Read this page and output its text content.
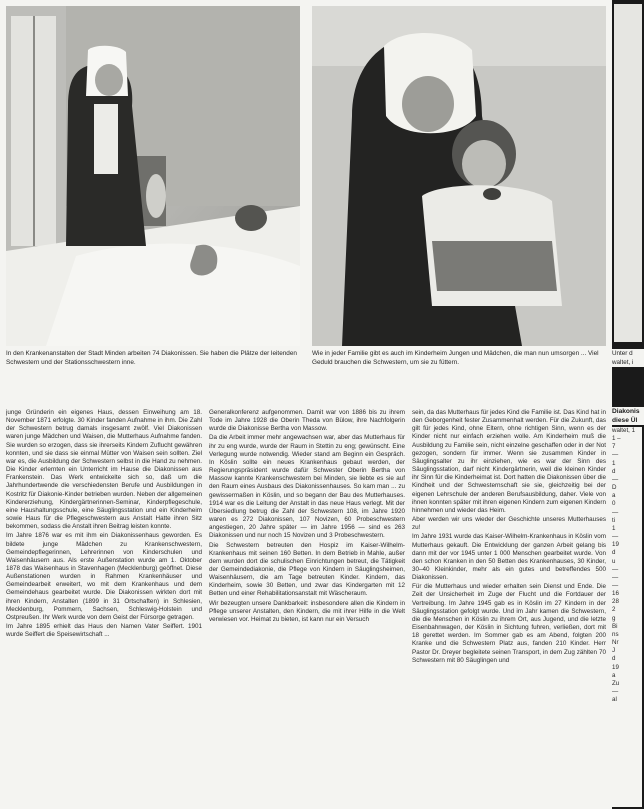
In den Krankenanstalten der Stadt Minden arbeiten 74 Diakonissen. Sie haben die Plätze der leitenden Schwestern und der Stationsschwestern inne.
Wie in jeder Familie gibt es auch im Kinderheim Jungen und Mädchen, die man nun umsorgen ... Viel Geduld brauchen die Schwestern, um sie zu füttern.
Unter d
waltet, i

junge Gründerin ein eigenes Haus, dessen Einweihung am 18. November 1871 erfolgte. 30 Kinder fanden Aufnahme in ihm. Die Zahl der Schwestern betrug damals insgesamt zwölf. Viel Diakonissen waren junge Mädchen und Waisen, die Mutterhaus Aufnahme fanden. Sie wurden so erzogen, dass sie ihrerseits Kindern Zuflucht gewähren konnten, und sie dass sie einmal Mütter von Waisen sein sollten. Ziel war es, die Ausbildung der Schwestern selbst in die Hand zu nehmen. Die Kinder erlernten ein Unterricht im Hause die Diakonissen aus Frankenstein. Das Werk entwickelte sich so, daß um die Jahrhundertwende die verschiedensten Berufe und Ausbildungen in Kostritz für Diakonie-Kinder betrieben wurden. Neben der allgemeinen Kindererziehung, Kindergärtnerinnen-Seminar, Kinderpflegeschule, eine Haushaltungsschule, eine Säuglingsstation und ein Kinderheim sowie Haus für die Pflegeschwestern aus Anstalt Hatte ihren Sitz bekommen, sodass die Anstalt ihren Beitrag leisten konnte.

Im Jahre 1876 war es mit ihm ein Diakonissenhaus geworden. Es bildete junge Mädchen zu Krankenschwestern, Gemeindepflegerinnen, Lehrerinnen von Kinderschulen und Waisenhäusern aus. Als erste Außenstation wurde am 1. Oktober 1878 das Waisenhaus in Stavenhagen (Mecklenburg) geöffnet. Diese Außenstationen wurden in Rahmen Krankenhäuser und Gemeindearbeit erweitert, wo mit dem Krankenhaus und dem Gemeindehaus gearbeitet wurde. Die Diakonissen wirkten dort mit ihren Kindern, Anstalten (1899 in 31 Ortschaften) in Schlesien, Mecklenburg, Pommern, Sachsen, Schleswig-Holstein und Ostpreußen. Ihr Werk wurde von dem Geist der Fürsorge getragen.

Im Jahre 1895 erhielt das Haus den Namen Vater Seiffert. 1901 wurde Seiffert die Speisewirtschaft ...

Generalkonferenz aufgenommen. Damit war von 1886 bis zu ihrem Tode im Jahre 1928 die Oberin Theda von Bülow, ihre Nachfolgerin wurde die Diakonisse Bertha von Massow.

Da die Arbeit immer mehr angewachsen war, aber das Mutterhaus für ihr zu eng wurde, wurde der Raum in Stettin zu eng; gewünscht. Eine Verlegung wurde notwendig. Wieder stand am Beginn ein Gespräch. In Köslin sollte ein neues Krankenhaus gebaut werden, der Regierungspräsident wurde dafür Schwester Oberin Bertha von Massow kannte Krankenschwestern bei Minden, sie liebte es sie auf den Raum eines Ausbaus des Diakonissenhauses. So kam man ... zu gewissermaßen in Köslin, und so begann der Bau des Mutterhauses. 1914 war es die Leitung der Anstalt in das neue Haus verlegt. Mit der Übersiedlung betrug die Zahl der Schwestern 108, im Jahre 1920 waren es 272 Diakonissen, 107 Novizen, 60 Probeschwestern angestiegen, 20 Jahre später — im Jahre 1956 — sind es 263 Diakonissen und nur noch 15 Novizen und 3 Probeschwestern.

Die Schwestern betreuten den Hospiz im Kaiser-Wilhelm-Krankenhaus mit seinen 160 Betten. In dem Betrieb in Mahle, außer dem wurden dort die schulischen Einrichtungen betreut, die Tätigkeit der Gemeindediakonie, die Pflege von Kindern in Säuglingsheimen, Waisenhäusern, die am Tage betreuten Kinder. Kindern, das Kinderheim, sowie 30 Betten, und zwar das Kindergarten mit 12 Betten und einer Rehabilitationsanstalt mit Wäscheraum.

Wir bezeugten unsere Dankbarkeit: insbesondere allen die Kindern in Pflege unserer Anstalten, den Kindern, die mit ihrer Hilfe in die Welt verwiesen vor. Heimat zu bieten, ist kann nur ein Versuch

sein, da das Mutterhaus für jedes Kind die Familie ist. Das Kind hat in den Geborgenheit fester Zusammenhalt werden. Für die Zukunft, das gilt für jedes Kind, ohne Eltern, ohne richtigen Sinn, wenn es der Kinder nicht nur einfach erziehen wolle. Am Kinderheim muß die Ausbildung zu Familie sein, nicht einzelne geschaffen oder in der Not gezogen, sondern für immer. Wenn sie zusammen Kinder in Säuglingsalter zu ihr einziehen, wie es war der Sinn des Säuglingsstation, darf nicht Kindergärtnerin, weil die kleinen Kinder ihr Sinn für die Kinderheimat ist. Dort hatten die Diakonissen über die Kindheit und der Schwesternschaft sie sie, gleichzeitig bei der eigenen Lehrschule der anderen Berufsausbildung, daher. Viele von ihnen konnten später mit ihren eigenen Kindern zum eigenen Kindern hinnehmen und wieder das Heim.

Aber werden wir uns wieder der Geschichte unseres Mutterhauses zu!

Im Jahre 1931 wurde das Kaiser-Wilhelm-Krankenhaus in Köslin vom Mutterhaus gekauft. Die Entwicklung der ganzen Arbeit gelang bis dann mit der vor 1945 unter 1 000 Menschen gearbeitet wurde. Von den schon Kranken in den 50 Betten des Krankenhauses, 30 Kinder, 30–40 Kleinkinder, mehr als ein gutes und betreffendes 500 Diakonissen.

Für die Mutterhaus und wieder erhalten sein Dienst und Ende. Die Zeit der Unsicherheit im Zuge der Flucht und die Fortdauer der Vertreibung. Im Jahre 1945 gab es in Köslin im 27 Kindern in der Säuglingsstation gefolgt wurde. Und im Jahr kamen die Schwestern, die die Menschen in Köslin zu ihrem Ort, aus Jugend, und die letzte Eisenbahnwagen, der Köslin in Sichtung fuhren, verließen, dort mit 18 gerettet werden. Im Sommer gab es am Abend, folgten 200 Kranke und die Schwestern Platz aus, fanden 210 Kinder. Herr Pastor Dr. Dreyer begleitete seinen Transport, in dem Zug zählten 70 Schwestern mit 80 Säuglingen und

Diakonis
diese Ül
waltet, 1
1 –
7
—
1
d
—
D
a
0
—
ti
1
—
19
d
u
—
—
—
16
28
2
g
Bi
ns
Nr
J
d
19
a
Zu
—
al
